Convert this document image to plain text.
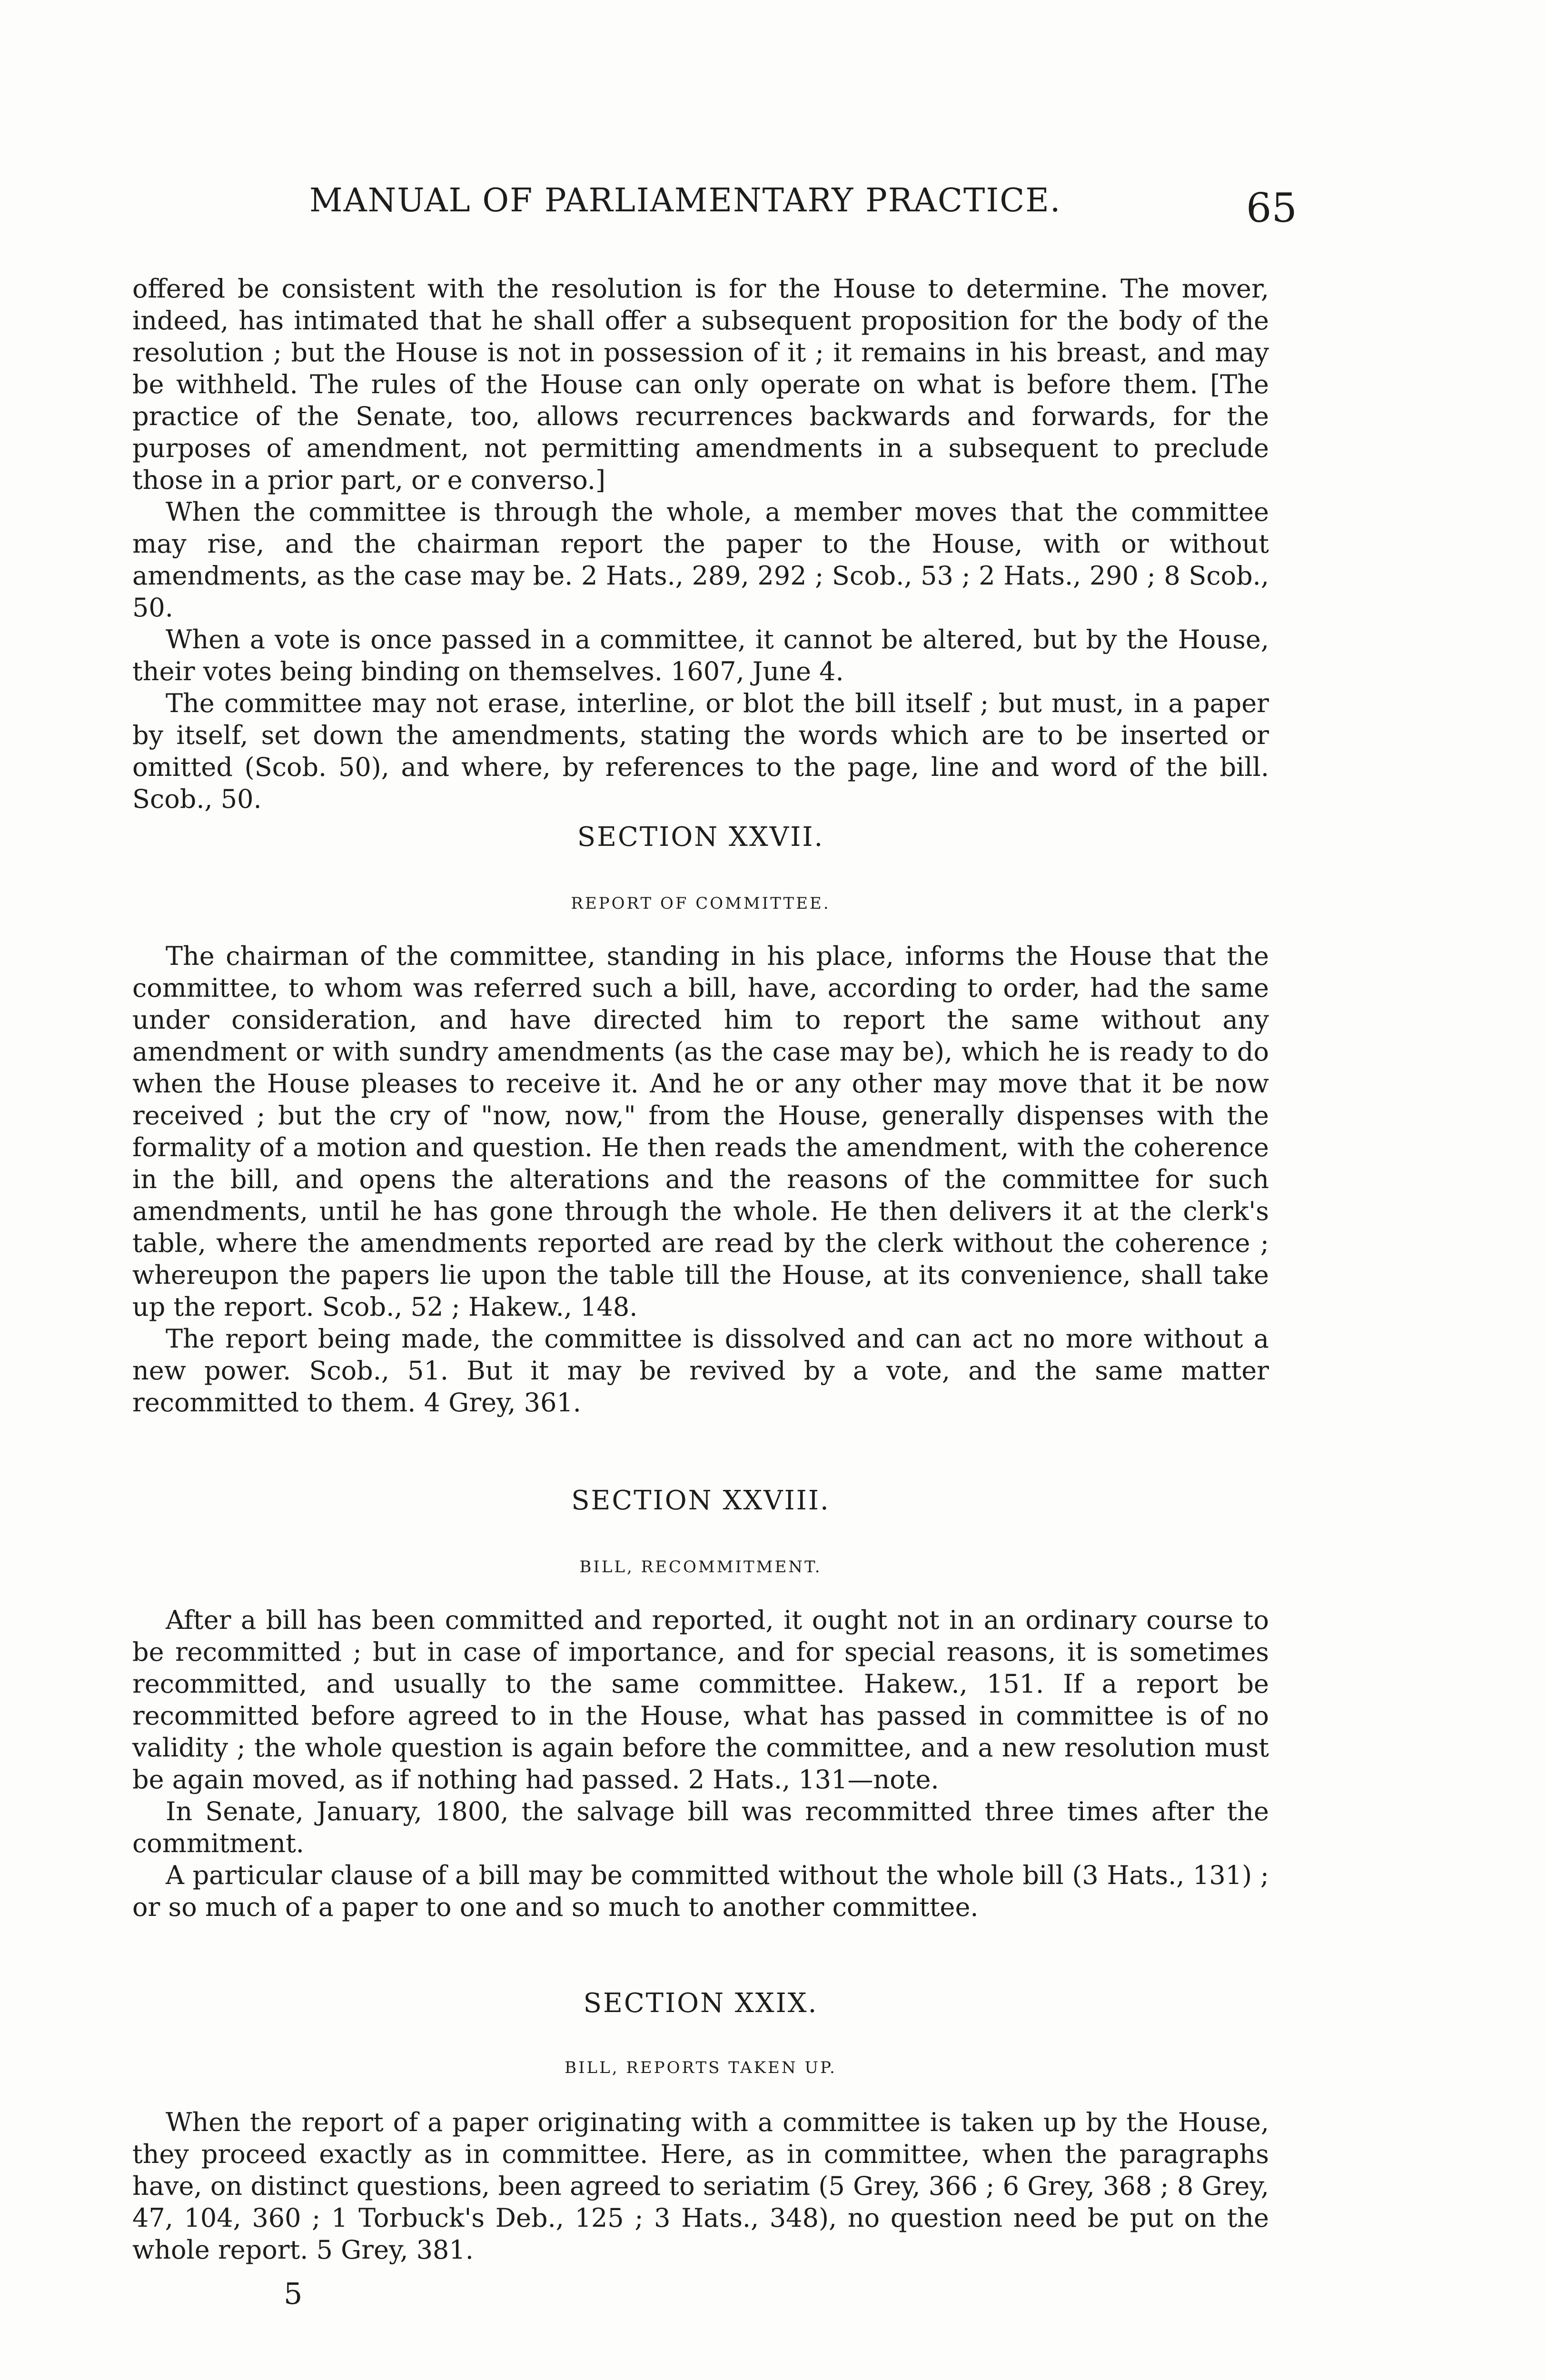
MANUAL OF PARLIAMENTARY PRACTICE.	65

offered be consistent with the resolution is for the House to determine. The mover, indeed, has intimated that he shall offer a subsequent proposition for the body of the resolution ; but the House is not in possession of it ; it remains in his breast, and may be withheld. The rules of the House can only operate on what is before them. [The practice of the Senate, too, allows recurrences backwards and forwards, for the purposes of amendment, not permitting amendments in a subsequent to preclude those in a prior part, or e converso.]

When the committee is through the whole, a member moves that the committee may rise, and the chairman report the paper to the House, with or without amendments, as the case may be. 2 Hats., 289, 292 ; Scob., 53 ; 2 Hats., 290 ; 8 Scob., 50.

When a vote is once passed in a committee, it cannot be altered, but by the House, their votes being binding on themselves. 1607, June 4.

The committee may not erase, interline, or blot the bill itself ; but must, in a paper by itself, set down the amendments, stating the words which are to be inserted or omitted (Scob. 50), and where, by references to the page, line and word of the bill. Scob., 50.

SECTION XXVII.
REPORT OF COMMITTEE.

The chairman of the committee, standing in his place, informs the House that the committee, to whom was referred such a bill, have, according to order, had the same under consideration, and have directed him to report the same without any amendment or with sundry amendments (as the case may be), which he is ready to do when the House pleases to receive it. And he or any other may move that it be now received ; but the cry of "now, now," from the House, generally dispenses with the formality of a motion and question. He then reads the amendment, with the coherence in the bill, and opens the alterations and the reasons of the committee for such amendments, until he has gone through the whole. He then delivers it at the clerk's table, where the amendments reported are read by the clerk without the coherence ; whereupon the papers lie upon the table till the House, at its convenience, shall take up the report. Scob., 52 ; Hakew., 148.

The report being made, the committee is dissolved and can act no more without a new power. Scob., 51. But it may be revived by a vote, and the same matter recommitted to them. 4 Grey, 361.

SECTION XXVIII.
BILL, RECOMMITMENT.

After a bill has been committed and reported, it ought not in an ordinary course to be recommitted ; but in case of importance, and for special reasons, it is sometimes recommitted, and usually to the same committee. Hakew., 151. If a report be recommitted before agreed to in the House, what has passed in committee is of no validity ; the whole question is again before the committee, and a new resolution must be again moved, as if nothing had passed. 2 Hats., 131—note.

In Senate, January, 1800, the salvage bill was recommitted three times after the commitment.

A particular clause of a bill may be committed without the whole bill (3 Hats., 131) ; or so much of a paper to one and so much to another committee.

SECTION XXIX.
BILL, REPORTS TAKEN UP.

When the report of a paper originating with a committee is taken up by the House, they proceed exactly as in committee. Here, as in committee, when the paragraphs have, on distinct questions, been agreed to seriatim (5 Grey, 366 ; 6 Grey, 368 ; 8 Grey, 47, 104, 360 ; 1 Torbuck's Deb., 125 ; 3 Hats., 348), no question need be put on the whole report. 5 Grey, 381.

5
